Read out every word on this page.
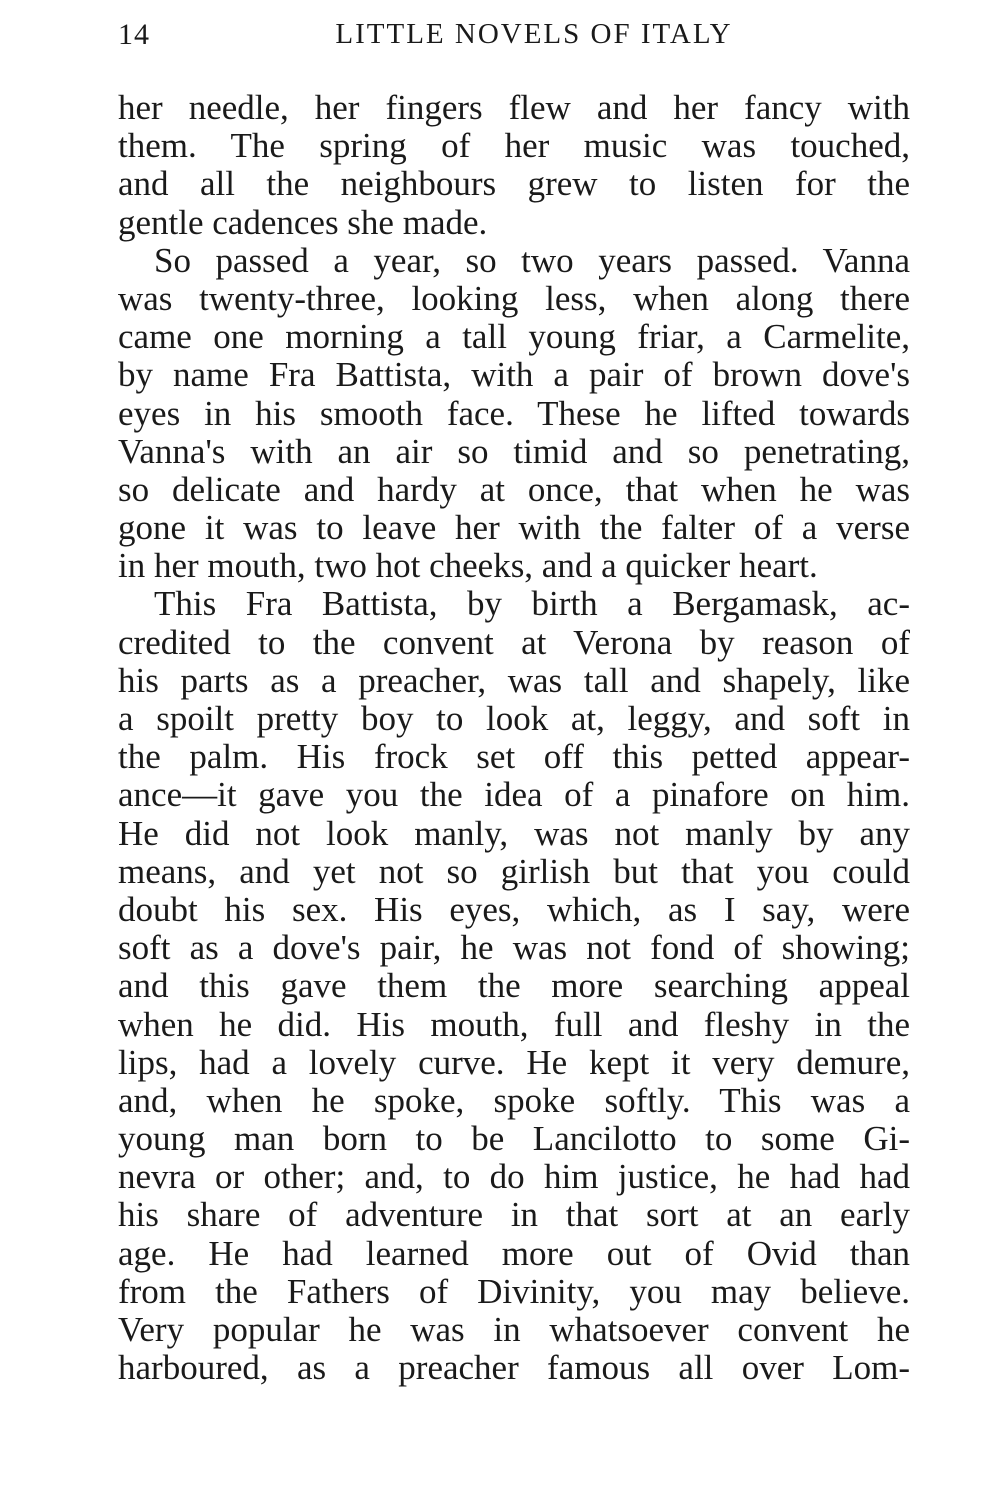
14	LITTLE NOVELS OF ITALY
her needle, her fingers flew and her fancy with
them. The spring of her music was touched,
and all the neighbours grew to listen for the
gentle cadences she made.
So passed a year, so two years passed. Vanna
was twenty-three, looking less, when along there
came one morning a tall young friar, a Carmelite,
by name Fra Battista, with a pair of brown dove's
eyes in his smooth face. These he lifted towards
Vanna's with an air so timid and so penetrating,
so delicate and hardy at once, that when he was
gone it was to leave her with the falter of a verse
in her mouth, two hot cheeks, and a quicker heart.
This Fra Battista, by birth a Bergamask, ac-
credited to the convent at Verona by reason of
his parts as a preacher, was tall and shapely, like
a spoilt pretty boy to look at, leggy, and soft in
the palm. His frock set off this petted appear-
ance—it gave you the idea of a pinafore on him.
He did not look manly, was not manly by any
means, and yet not so girlish but that you could
doubt his sex. His eyes, which, as I say, were
soft as a dove's pair, he was not fond of showing;
and this gave them the more searching appeal
when he did. His mouth, full and fleshy in the
lips, had a lovely curve. He kept it very demure,
and, when he spoke, spoke softly. This was a
young man born to be Lancilotto to some Gi-
nevra or other; and, to do him justice, he had had
his share of adventure in that sort at an early
age. He had learned more out of Ovid than
from the Fathers of Divinity, you may believe.
Very popular he was in whatsoever convent he
harboured, as a preacher famous all over Lom-
